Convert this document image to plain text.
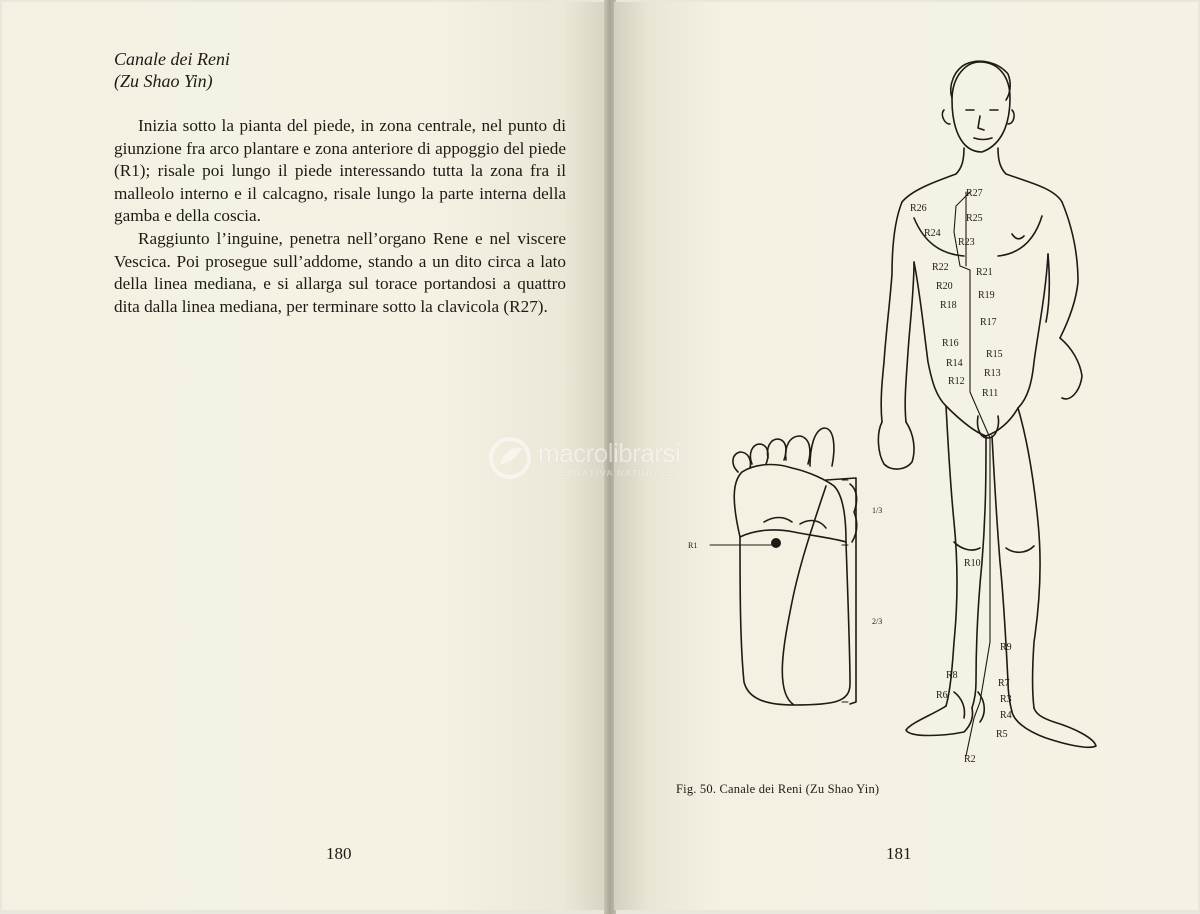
Canale dei Reni
(Zu Shao Yin)

Inizia sotto la pianta del piede, in zona centrale, nel punto di giunzione fra arco plantare e zona anteriore di appoggio del piede (R1); risale poi lungo il piede interessando tutta la zona fra il malleolo interno e il calcagno, risale lungo la parte interna della gamba e della coscia.

Raggiunto l’inguine, penetra nell’organo Rene e nel viscere Vescica. Poi prosegue sull’addome, stando a un dito circa a lato della linea mediana, e si allarga sul torace portandosi a quattro dita dalla linea mediana, per terminare sotto la clavicola (R27).

180
R1
1/3
2/3
R27
R26
R25
R24
R23
R22	R21
R20
R19
R18
R17
R16
R15
R14
R13
R12
R11
R10
R9
R8
R7
R6	R3
R4
R5
R2
Fig. 50. Canale dei Reni (Zu Shao Yin)
181
macrolibrarsi
ALTERNATIVA NATURALE
